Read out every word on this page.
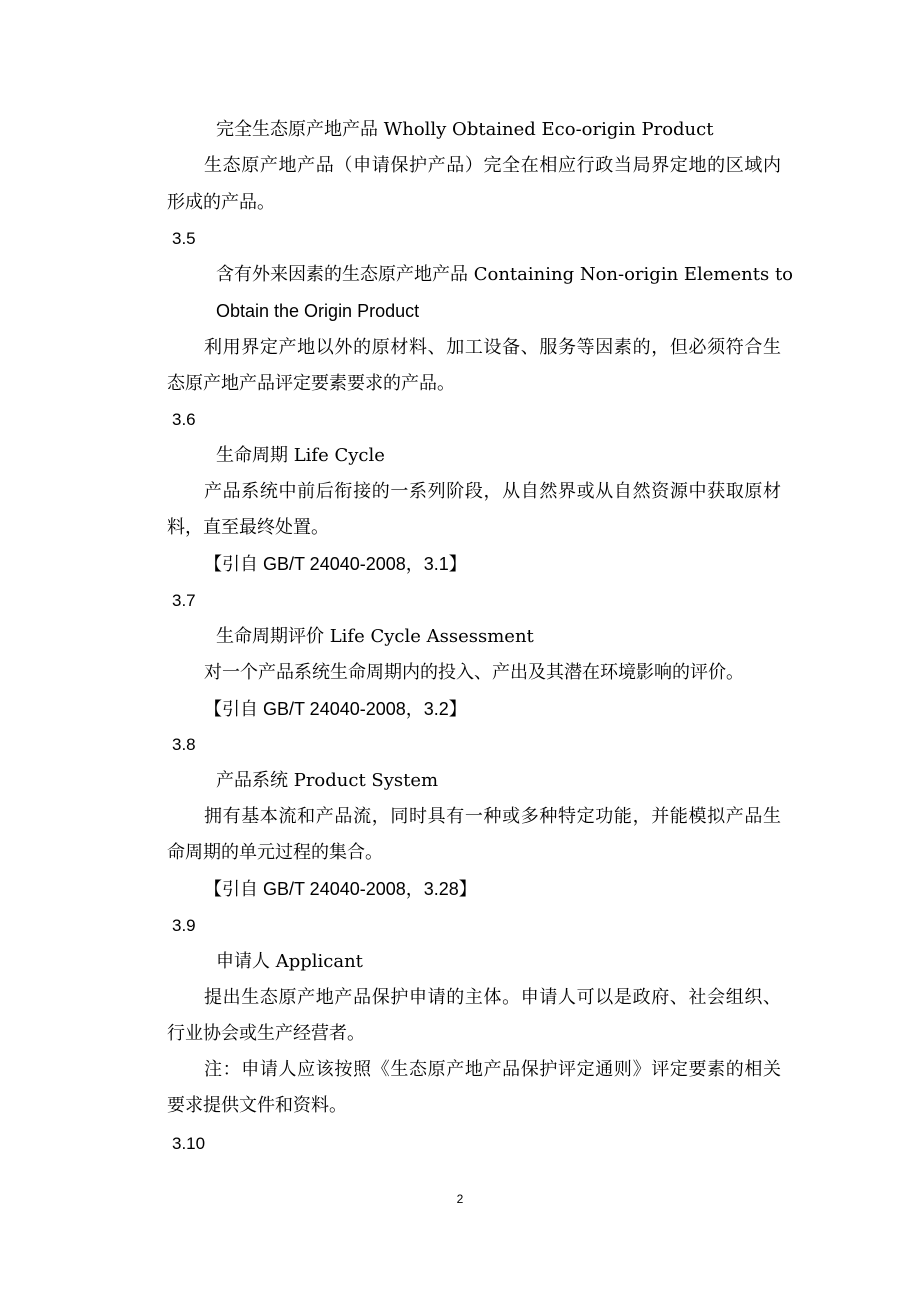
完全生态原产地产品 Wholly Obtained Eco-origin Product
生态原产地产品（申请保护产品）完全在相应行政当局界定地的区域内
形成的产品。
3.5
含有外来因素的生态原产地产品 Containing Non-origin Elements to
Obtain the Origin Product
利用界定产地以外的原材料、加工设备、服务等因素的，但必须符合生
态原产地产品评定要素要求的产品。
3.6
生命周期 Life Cycle
产品系统中前后衔接的一系列阶段，从自然界或从自然资源中获取原材
料，直至最终处置。
【引自 GB/T 24040-2008，3.1】
3.7
生命周期评价 Life Cycle Assessment
对一个产品系统生命周期内的投入、产出及其潜在环境影响的评价。
【引自 GB/T 24040-2008，3.2】
3.8
产品系统 Product System
拥有基本流和产品流，同时具有一种或多种特定功能，并能模拟产品生
命周期的单元过程的集合。
【引自 GB/T 24040-2008，3.28】
3.9
申请人 Applicant
提出生态原产地产品保护申请的主体。申请人可以是政府、社会组织、
行业协会或生产经营者。
注：申请人应该按照《生态原产地产品保护评定通则》评定要素的相关
要求提供文件和资料。
3.10
2
